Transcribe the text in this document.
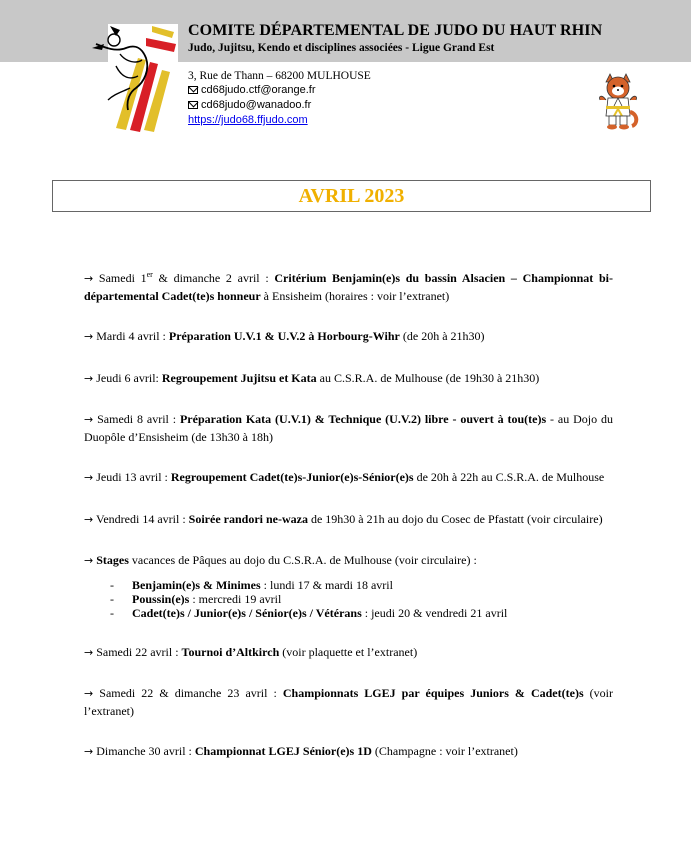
COMITE DÉPARTEMENTAL DE JUDO DU HAUT RHIN
Judo, Jujitsu, Kendo et disciplines associées - Ligue Grand Est
3, Rue de Thann – 68200 MULHOUSE
cd68judo.ctf@orange.fr
cd68judo@wanadoo.fr
https://judo68.ffjudo.com
AVRIL 2023

→ Samedi 1er & dimanche 2 avril : Critérium Benjamin(e)s du bassin Alsacien – Championnat bi-départemental Cadet(te)s honneur à Ensisheim (horaires : voir l’extranet)

→ Mardi 4 avril : Préparation U.V.1 & U.V.2 à Horbourg-Wihr (de 20h à 21h30)

→ Jeudi 6 avril: Regroupement Jujitsu et Kata au C.S.R.A. de Mulhouse (de 19h30 à 21h30)

→ Samedi 8 avril : Préparation Kata (U.V.1) & Technique (U.V.2) libre - ouvert à tou(te)s - au Dojo du Duopôle d’Ensisheim (de 13h30 à 18h)

→ Jeudi 13 avril : Regroupement Cadet(te)s-Junior(e)s-Sénior(e)s de 20h à 22h au C.S.R.A. de Mulhouse

→ Vendredi 14 avril : Soirée randori ne-waza de 19h30 à 21h au dojo du Cosec de Pfastatt (voir circulaire)

→ Stages vacances de Pâques au dojo du C.S.R.A. de Mulhouse (voir circulaire) :
- Benjamin(e)s & Minimes : lundi 17 & mardi 18 avril
- Poussin(e)s : mercredi 19 avril
- Cadet(te)s / Junior(e)s / Sénior(e)s / Vétérans : jeudi 20 & vendredi 21 avril

→ Samedi 22 avril : Tournoi d’Altkirch (voir plaquette et l’extranet)

→ Samedi 22 & dimanche 23 avril : Championnats LGEJ par équipes Juniors & Cadet(te)s (voir l’extranet)

→ Dimanche 30 avril : Championnat LGEJ Sénior(e)s 1D (Champagne : voir l’extranet)
